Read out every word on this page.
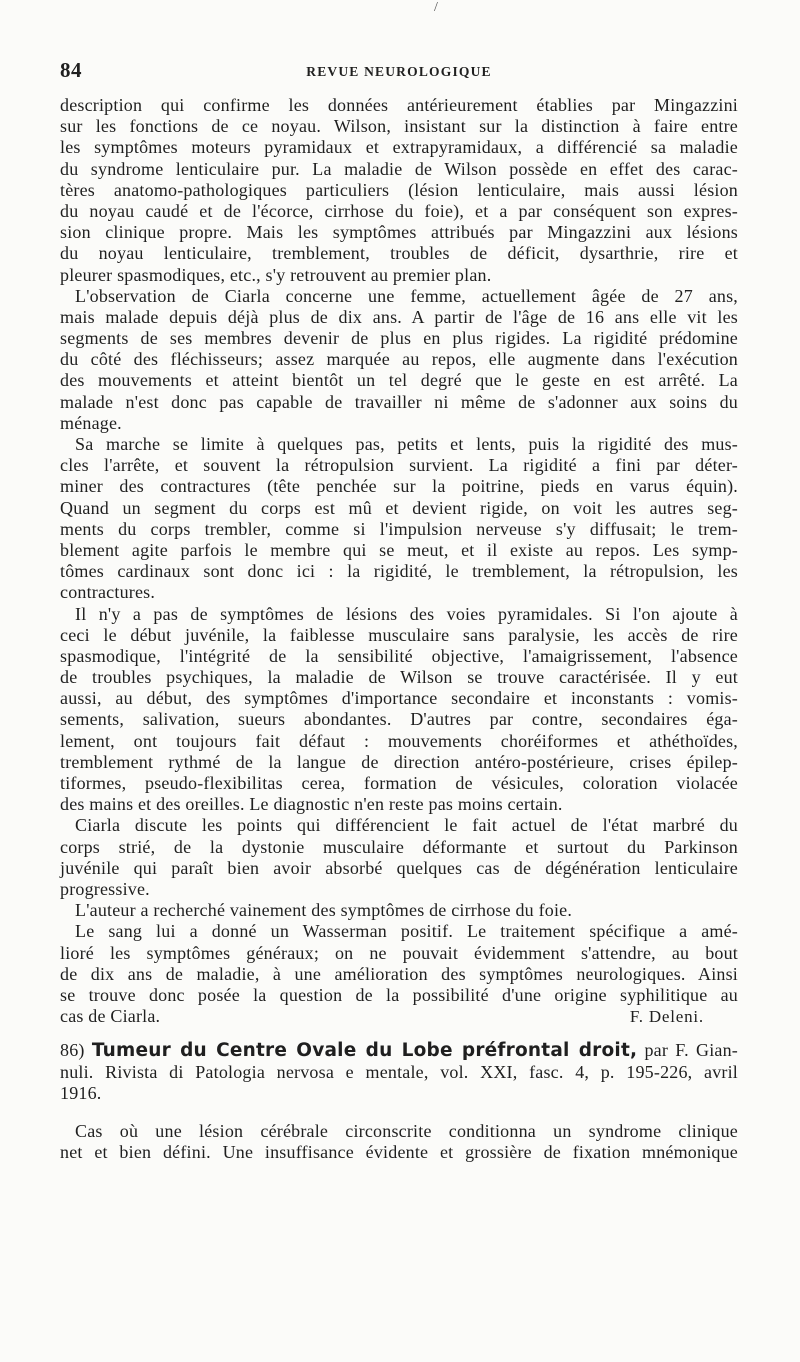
/
84	REVUE NEUROLOGIQUE
description qui confirme les données antérieurement établies par Mingazzini
sur les fonctions de ce noyau. Wilson, insistant sur la distinction à faire entre
les symptômes moteurs pyramidaux et extrapyramidaux, a différencié sa maladie
du syndrome lenticulaire pur. La maladie de Wilson possède en effet des carac-
tères anatomo-pathologiques particuliers (lésion lenticulaire, mais aussi lésion
du noyau caudé et de l'écorce, cirrhose du foie), et a par conséquent son expres-
sion clinique propre. Mais les symptômes attribués par Mingazzini aux lésions
du noyau lenticulaire, tremblement, troubles de déficit, dysarthrie, rire et
pleurer spasmodiques, etc., s'y retrouvent au premier plan.
L'observation de Ciarla concerne une femme, actuellement âgée de 27 ans,
mais malade depuis déjà plus de dix ans. A partir de l'âge de 16 ans elle vit les
segments de ses membres devenir de plus en plus rigides. La rigidité prédomine
du côté des fléchisseurs; assez marquée au repos, elle augmente dans l'exécution
des mouvements et atteint bientôt un tel degré que le geste en est arrêté. La
malade n'est donc pas capable de travailler ni même de s'adonner aux soins du
ménage.
Sa marche se limite à quelques pas, petits et lents, puis la rigidité des mus-
cles l'arrête, et souvent la rétropulsion survient. La rigidité a fini par déter-
miner des contractures (tête penchée sur la poitrine, pieds en varus équin).
Quand un segment du corps est mû et devient rigide, on voit les autres seg-
ments du corps trembler, comme si l'impulsion nerveuse s'y diffusait; le trem-
blement agite parfois le membre qui se meut, et il existe au repos. Les symp-
tômes cardinaux sont donc ici : la rigidité, le tremblement, la rétropulsion, les
contractures.
Il n'y a pas de symptômes de lésions des voies pyramidales. Si l'on ajoute à
ceci le début juvénile, la faiblesse musculaire sans paralysie, les accès de rire
spasmodique, l'intégrité de la sensibilité objective, l'amaigrissement, l'absence
de troubles psychiques, la maladie de Wilson se trouve caractérisée. Il y eut
aussi, au début, des symptômes d'importance secondaire et inconstants : vomis-
sements, salivation, sueurs abondantes. D'autres par contre, secondaires éga-
lement, ont toujours fait défaut : mouvements choréiformes et athéthoïdes,
tremblement rythmé de la langue de direction antéro-postérieure, crises épilep-
tiformes, pseudo-flexibilitas cerea, formation de vésicules, coloration violacée
des mains et des oreilles. Le diagnostic n'en reste pas moins certain.
Ciarla discute les points qui différencient le fait actuel de l'état marbré du
corps strié, de la dystonie musculaire déformante et surtout du Parkinson
juvénile qui paraît bien avoir absorbé quelques cas de dégénération lenticulaire
progressive.
L'auteur a recherché vainement des symptômes de cirrhose du foie.
Le sang lui a donné un Wasserman positif. Le traitement spécifique a amé-
lioré les symptômes généraux; on ne pouvait évidemment s'attendre, au bout
de dix ans de maladie, à une amélioration des symptômes neurologiques. Ainsi
se trouve donc posée la question de la possibilité d'une origine syphilitique au
cas de Ciarla.	F. Deleni.
86) Tumeur du Centre Ovale du Lobe préfrontal droit, par F. Gian-
nuli. Rivista di Patologia nervosa e mentale, vol. XXI, fasc. 4, p. 195-226, avril
1916.
Cas où une lésion cérébrale circonscrite conditionna un syndrome clinique
net et bien défini. Une insuffisance évidente et grossière de fixation mnémonique
